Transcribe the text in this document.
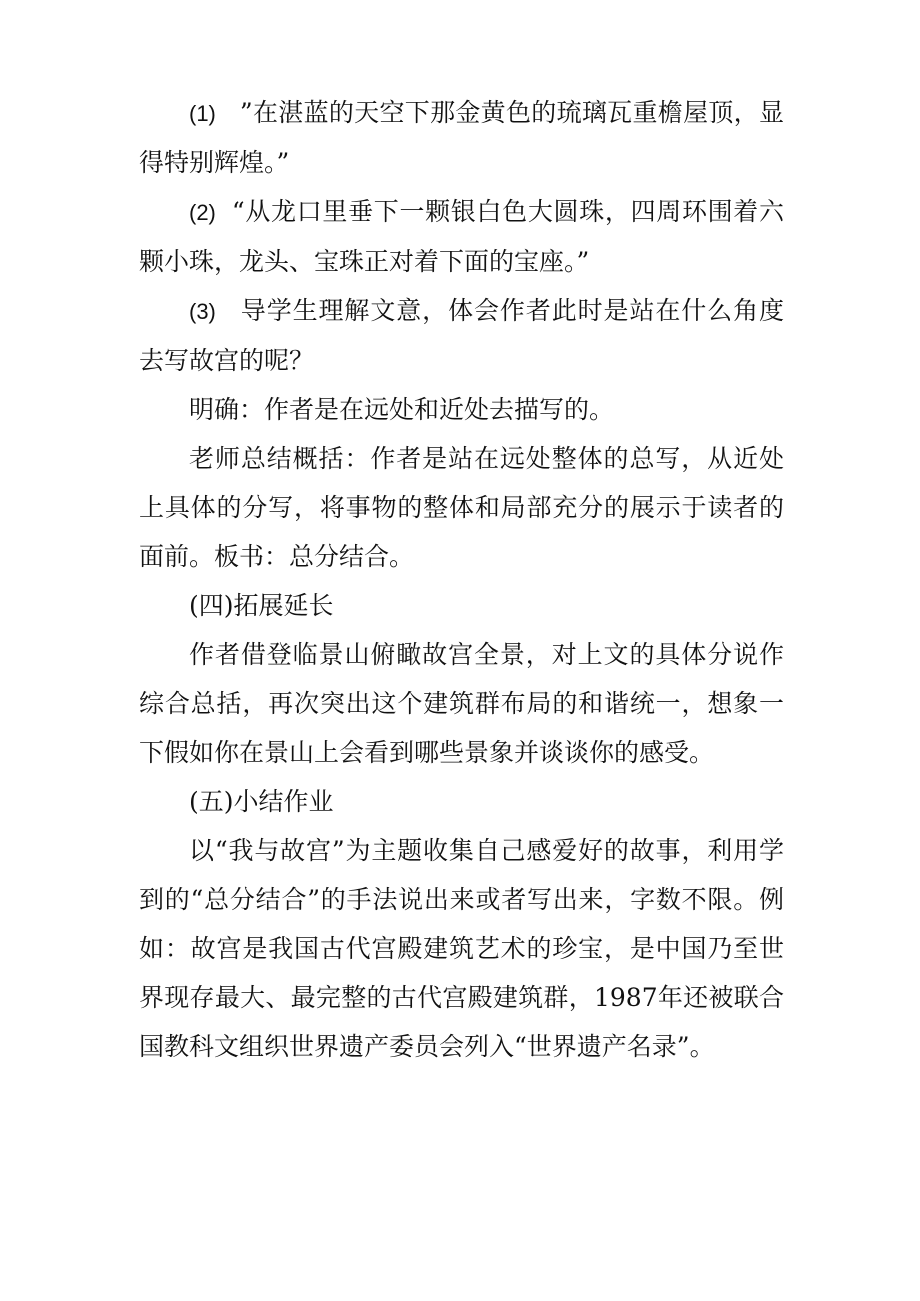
(1) ”在湛蓝的天空下那金黄色的琉璃瓦重檐屋顶，显得特别辉煌。”

(2) “从龙口里垂下一颗银白色大圆珠，四周环围着六颗小珠，龙头、宝珠正对着下面的宝座。”

(3) 导学生理解文意，体会作者此时是站在什么角度去写故宫的呢？

明确：作者是在远处和近处去描写的。

老师总结概括：作者是站在远处整体的总写，从近处上具体的分写，将事物的整体和局部充分的展示于读者的面前。板书：总分结合。

(四)拓展延长

作者借登临景山俯瞰故宫全景，对上文的具体分说作综合总括，再次突出这个建筑群布局的和谐统一，想象一下假如你在景山上会看到哪些景象并谈谈你的感受。

(五)小结作业

以“我与故宫”为主题收集自己感爱好的故事，利用学到的“总分结合”的手法说出来或者写出来，字数不限。例如：故宫是我国古代宫殿建筑艺术的珍宝，是中国乃至世界现存最大、最完整的古代宫殿建筑群，1987年还被联合国教科文组织世界遗产委员会列入“世界遗产名录”。
